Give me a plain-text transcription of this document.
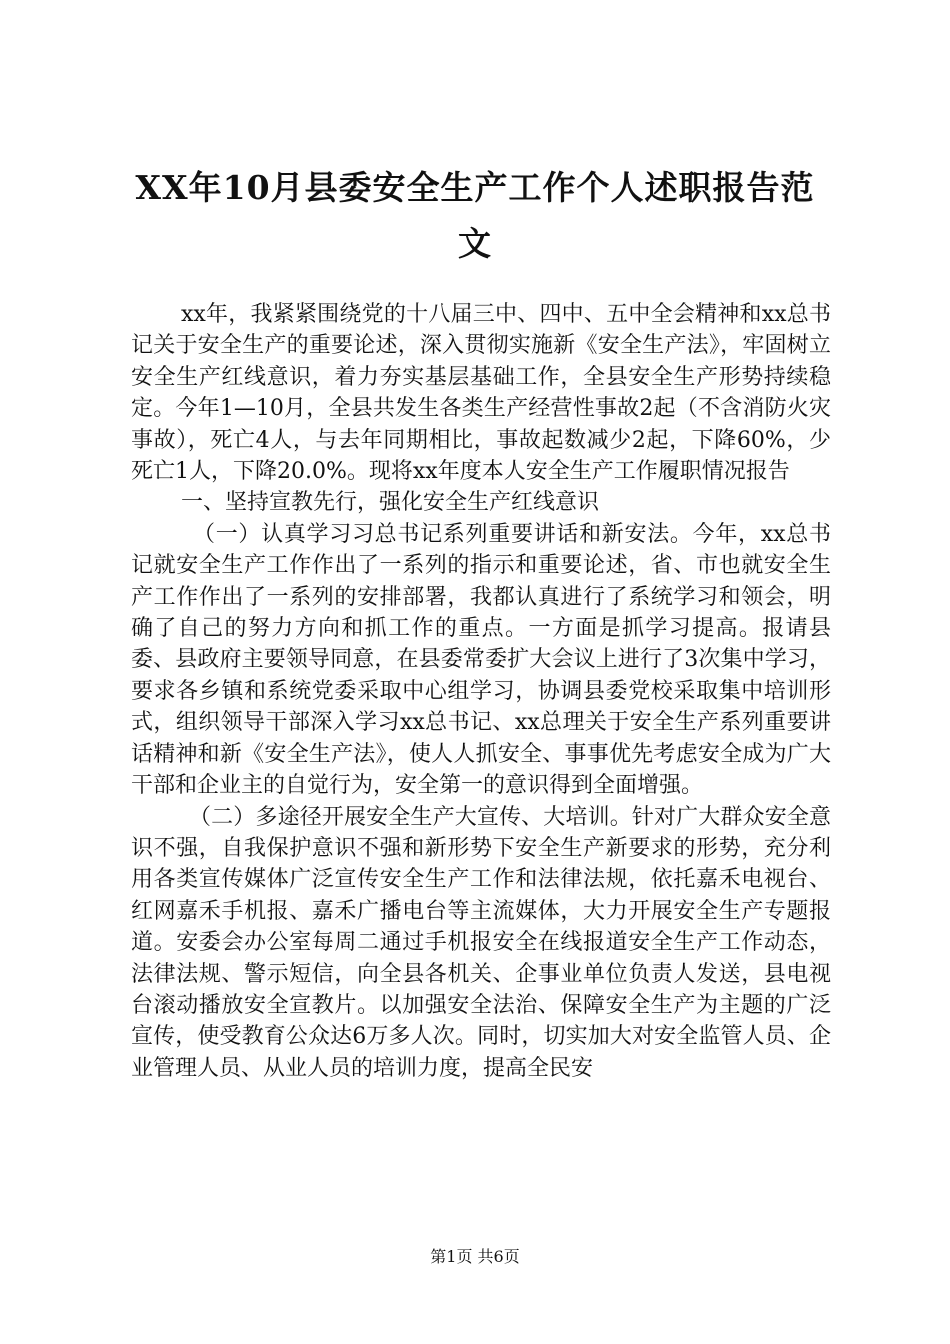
XX年10月县委安全生产工作个人述职报告范文

xx年，我紧紧围绕党的十八届三中、四中、五中全会精神和xx总书记关于安全生产的重要论述，深入贯彻实施新《安全生产法》，牢固树立安全生产红线意识，着力夯实基层基础工作，全县安全生产形势持续稳定。今年1—10月，全县共发生各类生产经营性事故2起（不含消防火灾事故），死亡4人，与去年同期相比，事故起数减少2起，下降60%，少死亡1人，下降20.0%。现将xx年度本人安全生产工作履职情况报告

一、坚持宣教先行，强化安全生产红线意识

（一）认真学习习总书记系列重要讲话和新安法。今年，xx总书记就安全生产工作作出了一系列的指示和重要论述，省、市也就安全生产工作作出了一系列的安排部署，我都认真进行了系统学习和领会，明确了自己的努力方向和抓工作的重点。一方面是抓学习提高。报请县委、县政府主要领导同意，在县委常委扩大会议上进行了3次集中学习，要求各乡镇和系统党委采取中心组学习，协调县委党校采取集中培训形式，组织领导干部深入学习xx总书记、xx总理关于安全生产系列重要讲话精神和新《安全生产法》，使人人抓安全、事事优先考虑安全成为广大干部和企业主的自觉行为，安全第一的意识得到全面增强。

（二）多途径开展安全生产大宣传、大培训。针对广大群众安全意识不强，自我保护意识不强和新形势下安全生产新要求的形势，充分利用各类宣传媒体广泛宣传安全生产工作和法律法规，依托嘉禾电视台、红网嘉禾手机报、嘉禾广播电台等主流媒体，大力开展安全生产专题报道。安委会办公室每周二通过手机报安全在线报道安全生产工作动态，法律法规、警示短信，向全县各机关、企事业单位负责人发送，县电视台滚动播放安全宣教片。以加强安全法治、保障安全生产为主题的广泛宣传，使受教育公众达6万多人次。同时，切实加大对安全监管人员、企业管理人员、从业人员的培训力度，提高全民安

第1页 共6页
